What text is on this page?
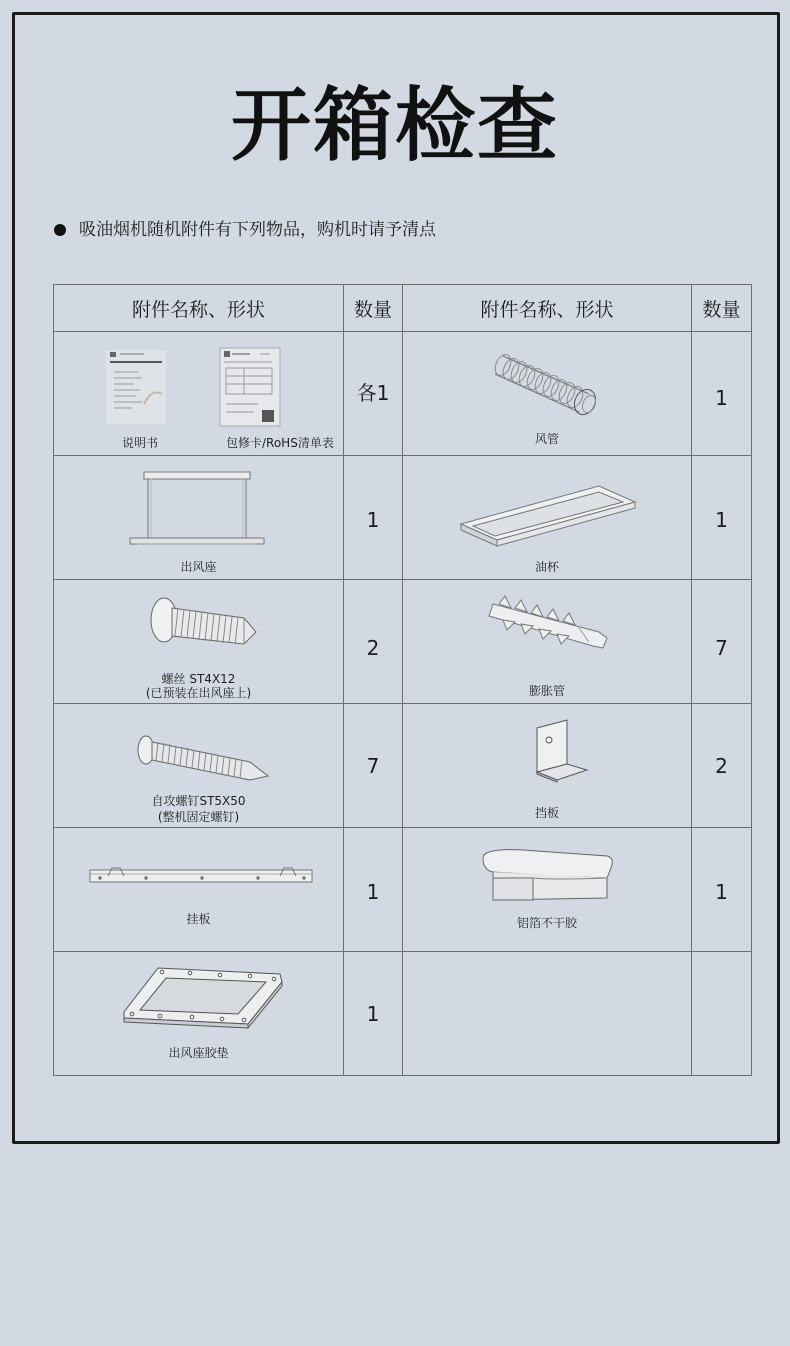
开箱检查
吸油烟机随机附件有下列物品，购机时请予清点
附件名称、形状	数量	附件名称、形状	数量

说明书 包修卡/RoHS清单表	各1	风管	1

出风座	1	油杯	1

螺丝 ST4X12
(已预装在出风座上)	2	膨胀管	7

自攻螺钉ST5X50
(整机固定螺钉)	7	挡板	2

挂板	1	铝箔不干胶	1

出风座胶垫	1		
